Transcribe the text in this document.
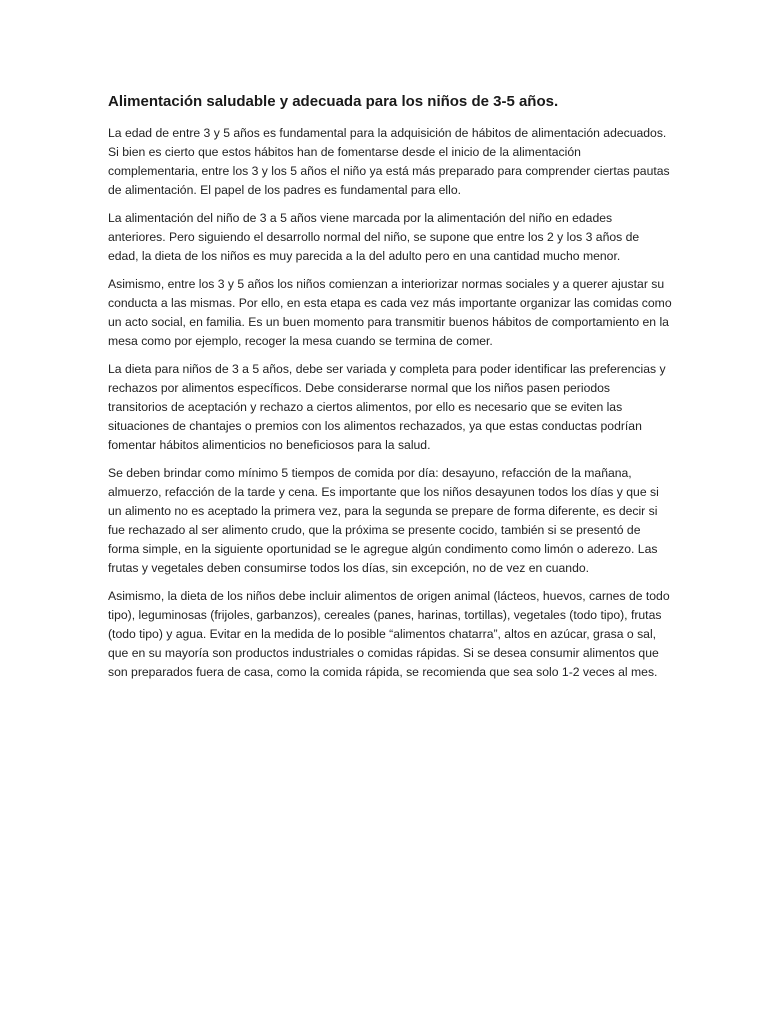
Alimentación saludable y adecuada para los niños de 3-5 años.

La edad de entre 3 y 5 años es fundamental para la adquisición de hábitos de alimentación adecuados. Si bien es cierto que estos hábitos han de fomentarse desde el inicio de la alimentación complementaria, entre los 3 y los 5 años el niño ya está más preparado para comprender ciertas pautas de alimentación. El papel de los padres es fundamental para ello.

La alimentación del niño de 3 a 5 años viene marcada por la alimentación del niño en edades anteriores. Pero siguiendo el desarrollo normal del niño, se supone que entre los 2 y los 3 años de edad, la dieta de los niños es muy parecida a la del adulto pero en una cantidad mucho menor.

Asimismo, entre los 3 y 5 años los niños comienzan a interiorizar normas sociales y a querer ajustar su conducta a las mismas. Por ello, en esta etapa es cada vez más importante organizar las comidas como un acto social, en familia. Es un buen momento para transmitir buenos hábitos de comportamiento en la mesa como por ejemplo, recoger la mesa cuando se termina de comer.

La dieta para niños de 3 a 5 años, debe ser variada y completa para poder identificar las preferencias y rechazos por alimentos específicos. Debe considerarse normal que los niños pasen periodos transitorios de aceptación y rechazo a ciertos alimentos, por ello es necesario que se eviten las situaciones de chantajes o premios con los alimentos rechazados, ya que estas conductas podrían fomentar hábitos alimenticios no beneficiosos para la salud.

Se deben brindar como mínimo 5 tiempos de comida por día: desayuno, refacción de la mañana, almuerzo, refacción de la tarde y cena. Es importante que los niños desayunen todos los días y que si un alimento no es aceptado la primera vez, para la segunda se prepare de forma diferente, es decir si fue rechazado al ser alimento crudo, que la próxima se presente cocido, también si se presentó de forma simple, en la siguiente oportunidad se le agregue algún condimento como limón o aderezo. Las frutas y vegetales deben consumirse todos los días, sin excepción, no de vez en cuando.

Asimismo, la dieta de los niños debe incluir alimentos de origen animal (lácteos, huevos, carnes de todo tipo), leguminosas (frijoles, garbanzos), cereales (panes, harinas, tortillas), vegetales (todo tipo), frutas (todo tipo) y agua. Evitar en la medida de lo posible “alimentos chatarra”, altos en azúcar, grasa o sal, que en su mayoría son productos industriales o comidas rápidas. Si se desea consumir alimentos que son preparados fuera de casa, como la comida rápida, se recomienda que sea solo 1-2 veces al mes.
